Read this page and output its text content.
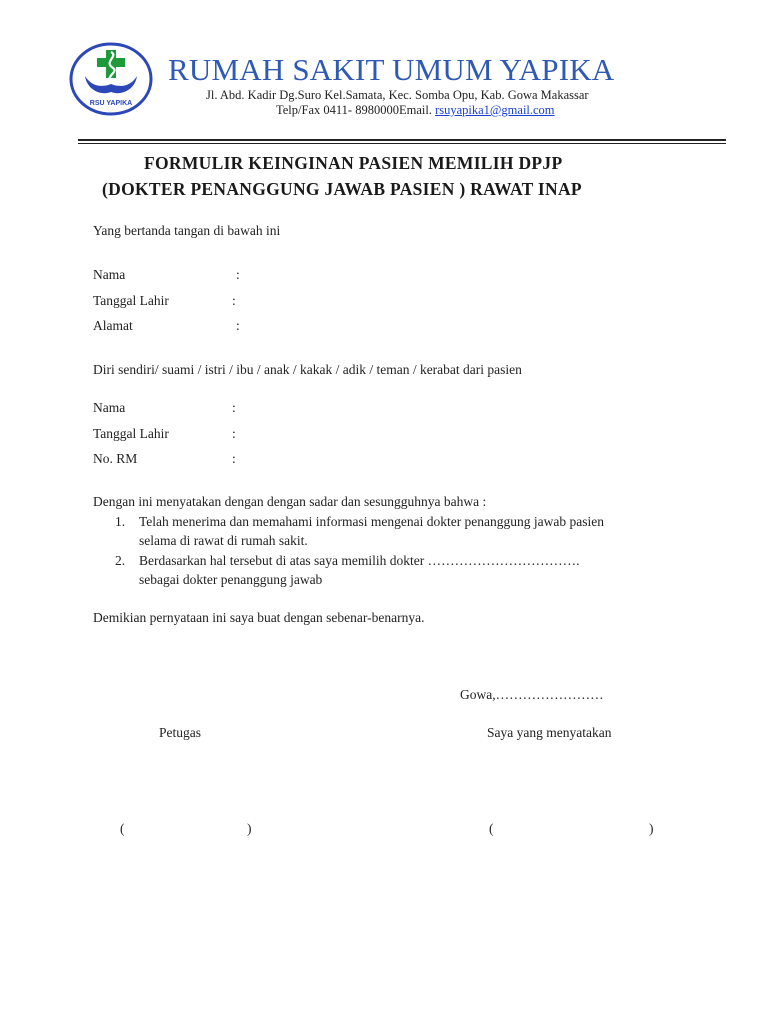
RSU YAPIKA
RUMAH SAKIT UMUM YAPIKA
Jl. Abd. Kadir Dg.Suro Kel.Samata, Kec. Somba Opu, Kab. Gowa Makassar
Telp/Fax 0411- 8980000Email. rsuyapika1@gmail.com
FORMULIR KEINGINAN PASIEN MEMILIH DPJP
(DOKTER PENANGGUNG JAWAB PASIEN ) RAWAT INAP
Yang bertanda tangan di bawah ini
Nama	:
Tanggal Lahir	:
Alamat	:
Diri sendiri/ suami / istri / ibu / anak / kakak / adik / teman / kerabat dari pasien
Nama	:
Tanggal Lahir	:
No. RM	:
Dengan ini menyatakan dengan dengan sadar dan sesungguhnya bahwa :
1. Telah menerima dan memahami informasi mengenai dokter penanggung jawab pasien
selama di rawat di rumah sakit.
2. Berdasarkan hal tersebut di atas saya memilih dokter …………………………….
sebagai dokter penanggung jawab
Demikian pernyataan ini saya buat dengan sebenar-benarnya.
Gowa,……………………
Petugas	Saya yang menyatakan
(	)	(	)
